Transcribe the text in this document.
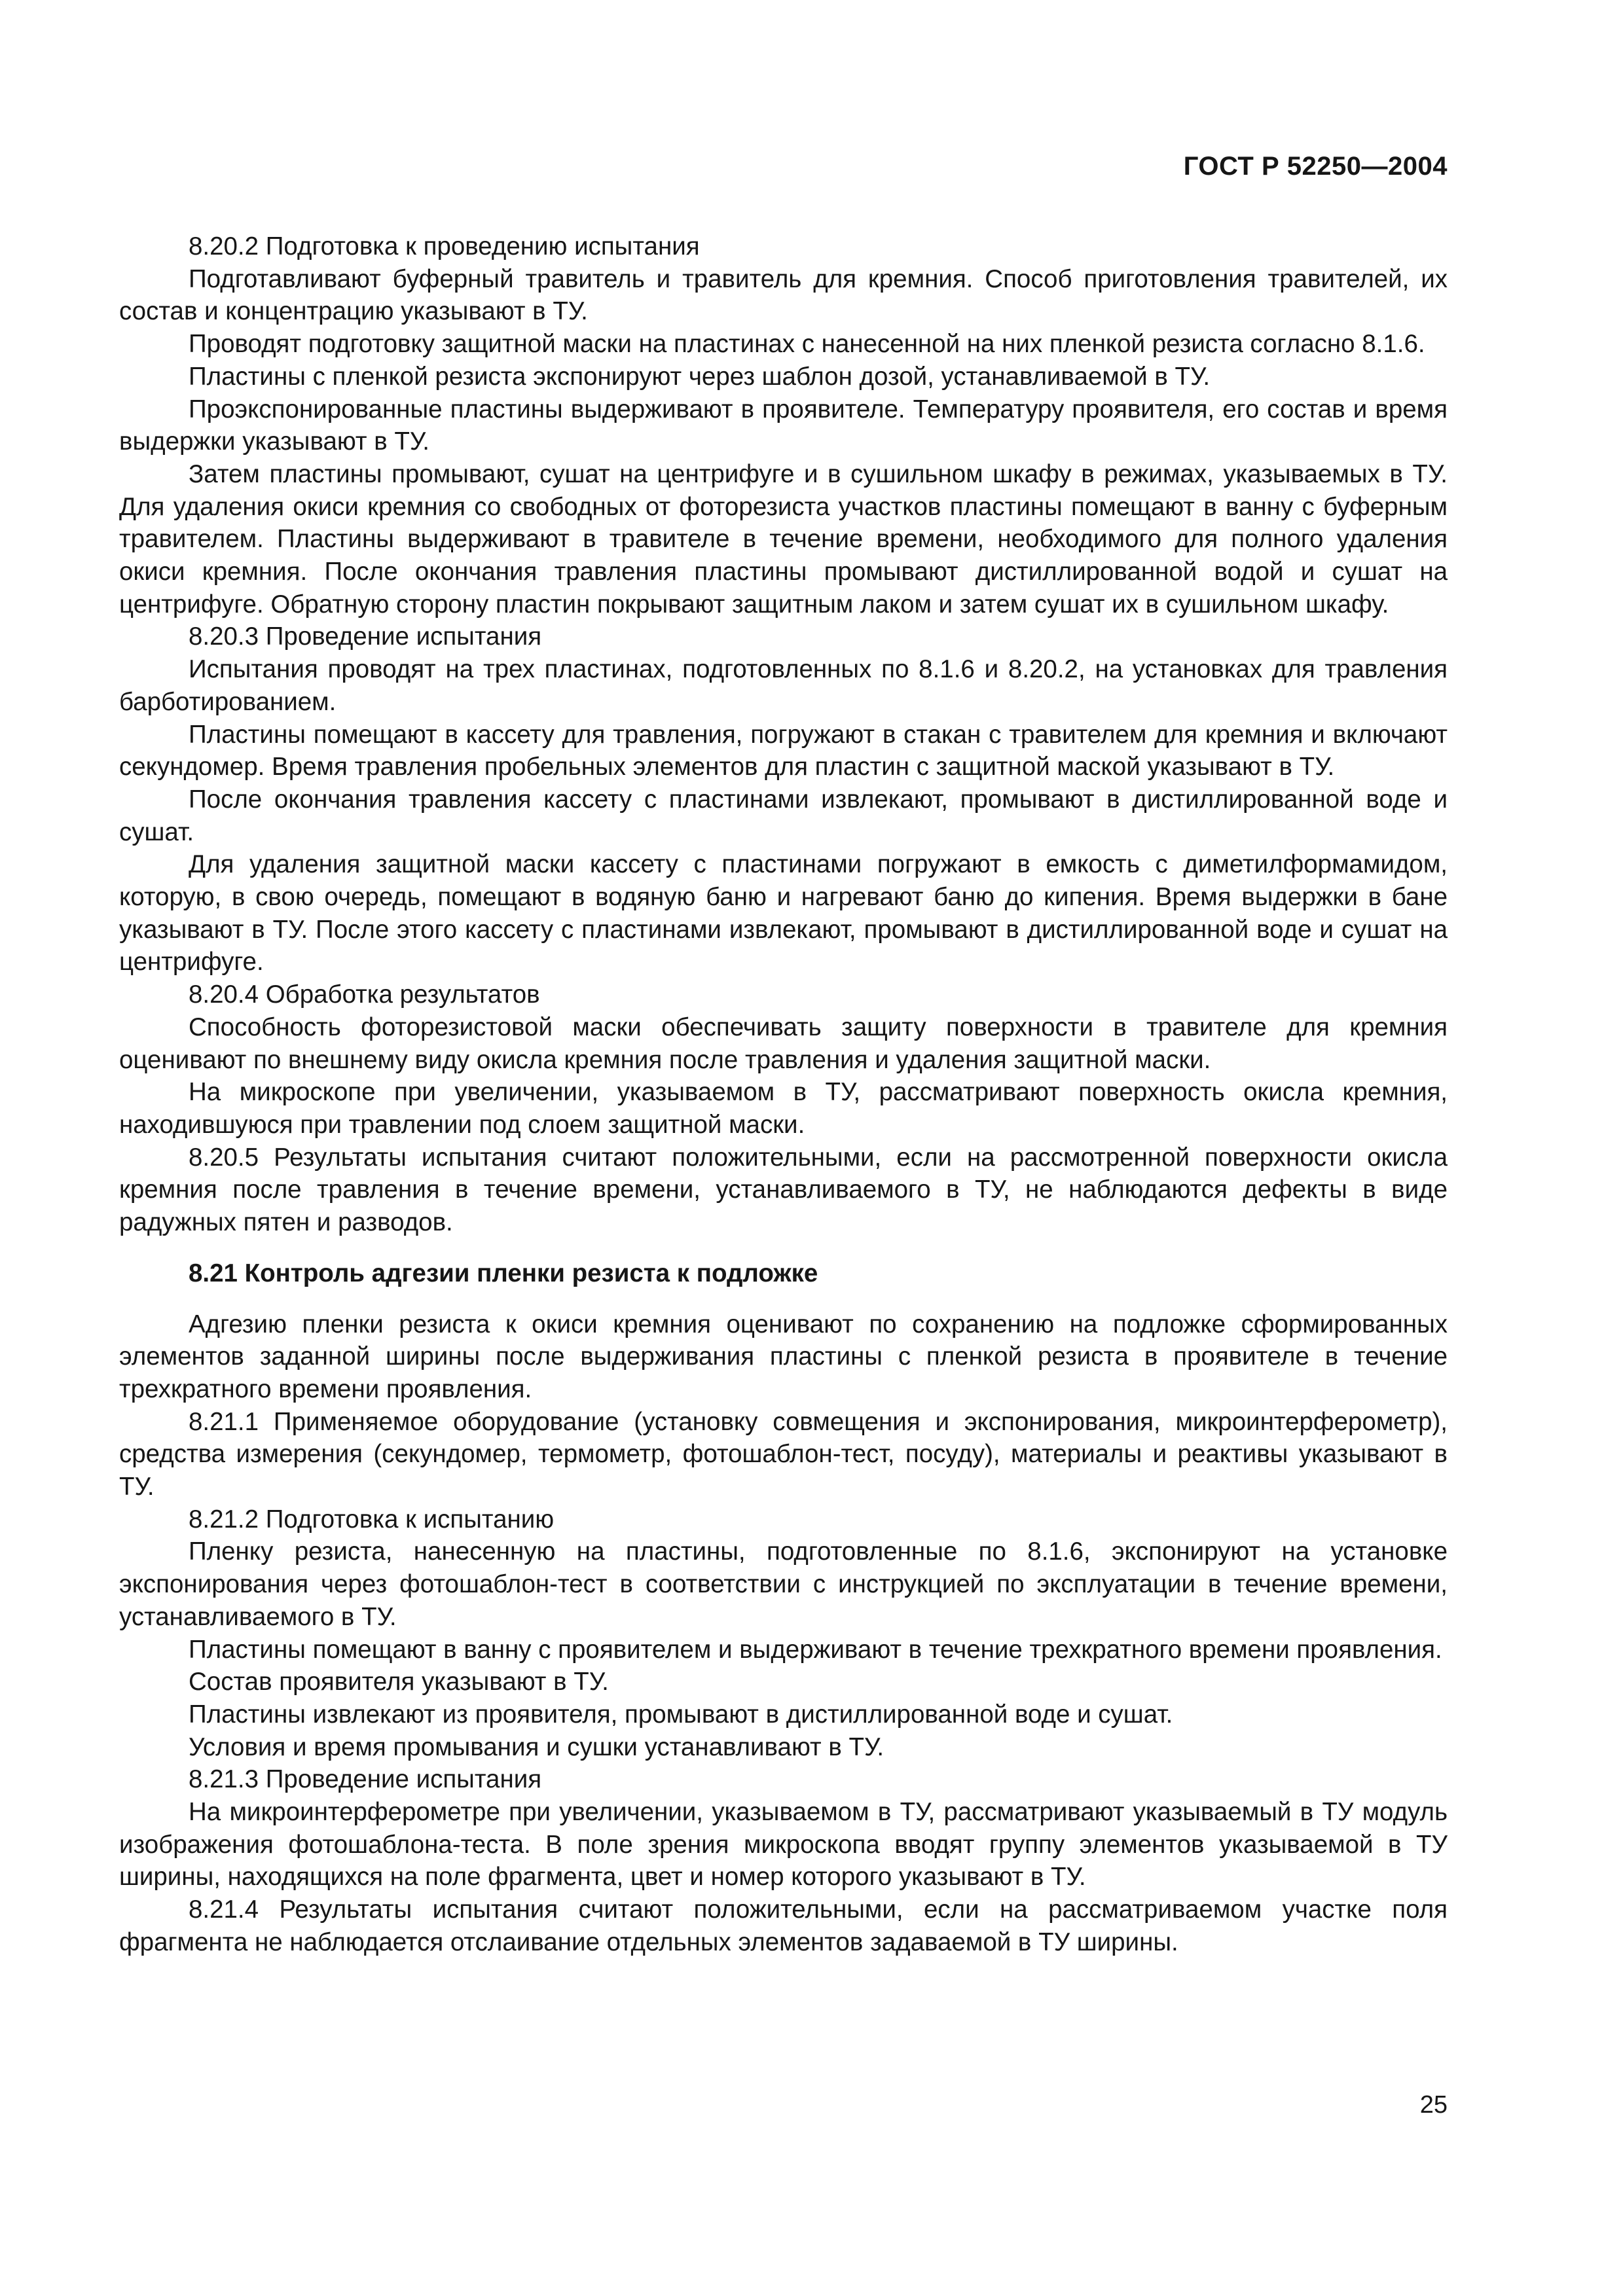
ГОСТ Р 52250—2004

8.20.2 Подготовка к проведению испытания

Подготавливают буферный травитель и травитель для кремния. Способ приготовления травителей, их состав и концентрацию указывают в ТУ.

Проводят подготовку защитной маски на пластинах с нанесенной на них пленкой резиста согласно 8.1.6.

Пластины с пленкой резиста экспонируют через шаблон дозой, устанавливаемой в ТУ.

Проэкспонированные пластины выдерживают в проявителе. Температуру проявителя, его состав и время выдержки указывают в ТУ.

Затем пластины промывают, сушат на центрифуге и в сушильном шкафу в режимах, указываемых в ТУ. Для удаления окиси кремния со свободных от фоторезиста участков пластины помещают в ванну с буферным травителем. Пластины выдерживают в травителе в течение времени, необходимого для полного удаления окиси кремния. После окончания травления пластины промывают дистиллированной водой и сушат на центрифуге. Обратную сторону пластин покрывают защитным лаком и затем сушат их в сушильном шкафу.

8.20.3 Проведение испытания

Испытания проводят на трех пластинах, подготовленных по 8.1.6 и 8.20.2, на установках для травления барботированием.

Пластины помещают в кассету для травления, погружают в стакан с травителем для кремния и включают секундомер. Время травления пробельных элементов для пластин с защитной маской указывают в ТУ.

После окончания травления кассету с пластинами извлекают, промывают в дистиллированной воде и сушат.

Для удаления защитной маски кассету с пластинами погружают в емкость с диметилформамидом, которую, в свою очередь, помещают в водяную баню и нагревают баню до кипения. Время выдержки в бане указывают в ТУ. После этого кассету с пластинами извлекают, промывают в дистиллированной воде и сушат на центрифуге.

8.20.4 Обработка результатов

Способность фоторезистовой маски обеспечивать защиту поверхности в травителе для кремния оценивают по внешнему виду окисла кремния после травления и удаления защитной маски.

На микроскопе при увеличении, указываемом в ТУ, рассматривают поверхность окисла кремния, находившуюся при травлении под слоем защитной маски.

8.20.5 Результаты испытания считают положительными, если на рассмотренной поверхности окисла кремния после травления в течение времени, устанавливаемого в ТУ, не наблюдаются дефекты в виде радужных пятен и разводов.

8.21 Контроль адгезии пленки резиста к подложке

Адгезию пленки резиста к окиси кремния оценивают по сохранению на подложке сформированных элементов заданной ширины после выдерживания пластины с пленкой резиста в проявителе в течение трехкратного времени проявления.

8.21.1 Применяемое оборудование (установку совмещения и экспонирования, микроинтерферометр), средства измерения (секундомер, термометр, фотошаблон-тест, посуду), материалы и реактивы указывают в ТУ.

8.21.2 Подготовка к испытанию

Пленку резиста, нанесенную на пластины, подготовленные по 8.1.6, экспонируют на установке экспонирования через фотошаблон-тест в соответствии с инструкцией по эксплуатации в течение времени, устанавливаемого в ТУ.

Пластины помещают в ванну с проявителем и выдерживают в течение трехкратного времени проявления.

Состав проявителя указывают в ТУ.

Пластины извлекают из проявителя, промывают в дистиллированной воде и сушат.

Условия и время промывания и сушки устанавливают в ТУ.

8.21.3 Проведение испытания

На микроинтерферометре при увеличении, указываемом в ТУ, рассматривают указываемый в ТУ модуль изображения фотошаблона-теста. В поле зрения микроскопа вводят группу элементов указываемой в ТУ ширины, находящихся на поле фрагмента, цвет и номер которого указывают в ТУ.

8.21.4 Результаты испытания считают положительными, если на рассматриваемом участке поля фрагмента не наблюдается отслаивание отдельных элементов задаваемой в ТУ ширины.

25
